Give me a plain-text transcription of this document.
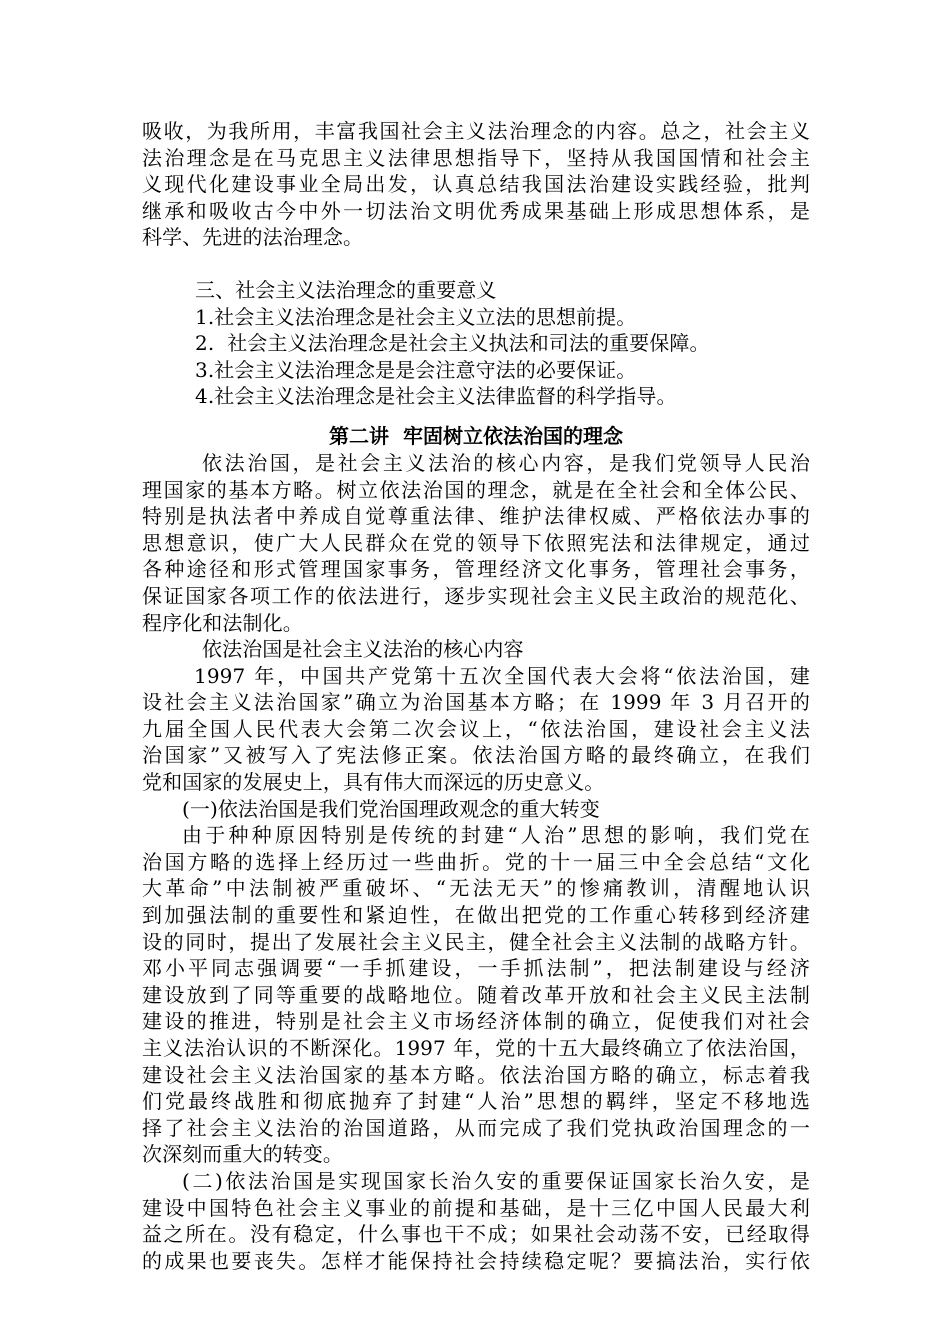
吸收，为我所用，丰富我国社会主义法治理念的内容。总之，社会主义
法治理念是在马克思主义法律思想指导下，坚持从我国国情和社会主
义现代化建设事业全局出发，认真总结我国法治建设实践经验，批判
继承和吸收古今中外一切法治文明优秀成果基础上形成思想体系，是
科学、先进的法治理念。
三、社会主义法治理念的重要意义
1.社会主义法治理念是社会主义立法的思想前提。
2.  社会主义法治理念是社会主义执法和司法的重要保障。
3.社会主义法治理念是是会注意守法的必要保证。
4.社会主义法治理念是社会主义法律监督的科学指导。
第二讲  牢固树立依法治国的理念
依法治国，是社会主义法治的核心内容，是我们党领导人民治
理国家的基本方略。树立依法治国的理念，就是在全社会和全体公民、
特别是执法者中养成自觉尊重法律、维护法律权威、严格依法办事的
思想意识，使广大人民群众在党的领导下依照宪法和法律规定，通过
各种途径和形式管理国家事务，管理经济文化事务，管理社会事务，
保证国家各项工作的依法进行，逐步实现社会主义民主政治的规范化、
程序化和法制化。
依法治国是社会主义法治的核心内容
1997 年，中国共产党第十五次全国代表大会将“依法治国，建
设社会主义法治国家”确立为治国基本方略；在 1999 年 3 月召开的
九届全国人民代表大会第二次会议上，“依法治国，建设社会主义法
治国家”又被写入了宪法修正案。依法治国方略的最终确立，在我们
党和国家的发展史上，具有伟大而深远的历史意义。
(一)依法治国是我们党治国理政观念的重大转变
由于种种原因特别是传统的封建“人治”思想的影响，我们党在
治国方略的选择上经历过一些曲折。党的十一届三中全会总结“文化
大革命”中法制被严重破坏、“无法无天”的惨痛教训，清醒地认识
到加强法制的重要性和紧迫性，在做出把党的工作重心转移到经济建
设的同时，提出了发展社会主义民主，健全社会主义法制的战略方针。
邓小平同志强调要“一手抓建设，一手抓法制”，把法制建设与经济
建设放到了同等重要的战略地位。随着改革开放和社会主义民主法制
建设的推进，特别是社会主义市场经济体制的确立，促使我们对社会
主义法治认识的不断深化。1997 年，党的十五大最终确立了依法治国，
建设社会主义法治国家的基本方略。依法治国方略的确立，标志着我
们党最终战胜和彻底抛弃了封建“人治”思想的羁绊，坚定不移地选
择了社会主义法治的治国道路，从而完成了我们党执政治国理念的一
次深刻而重大的转变。
(二)依法治国是实现国家长治久安的重要保证国家长治久安，是
建设中国特色社会主义事业的前提和基础，是十三亿中国人民最大利
益之所在。没有稳定，什么事也干不成；如果社会动荡不安，已经取得
的成果也要丧失。怎样才能保持社会持续稳定呢？要搞法治，实行依
